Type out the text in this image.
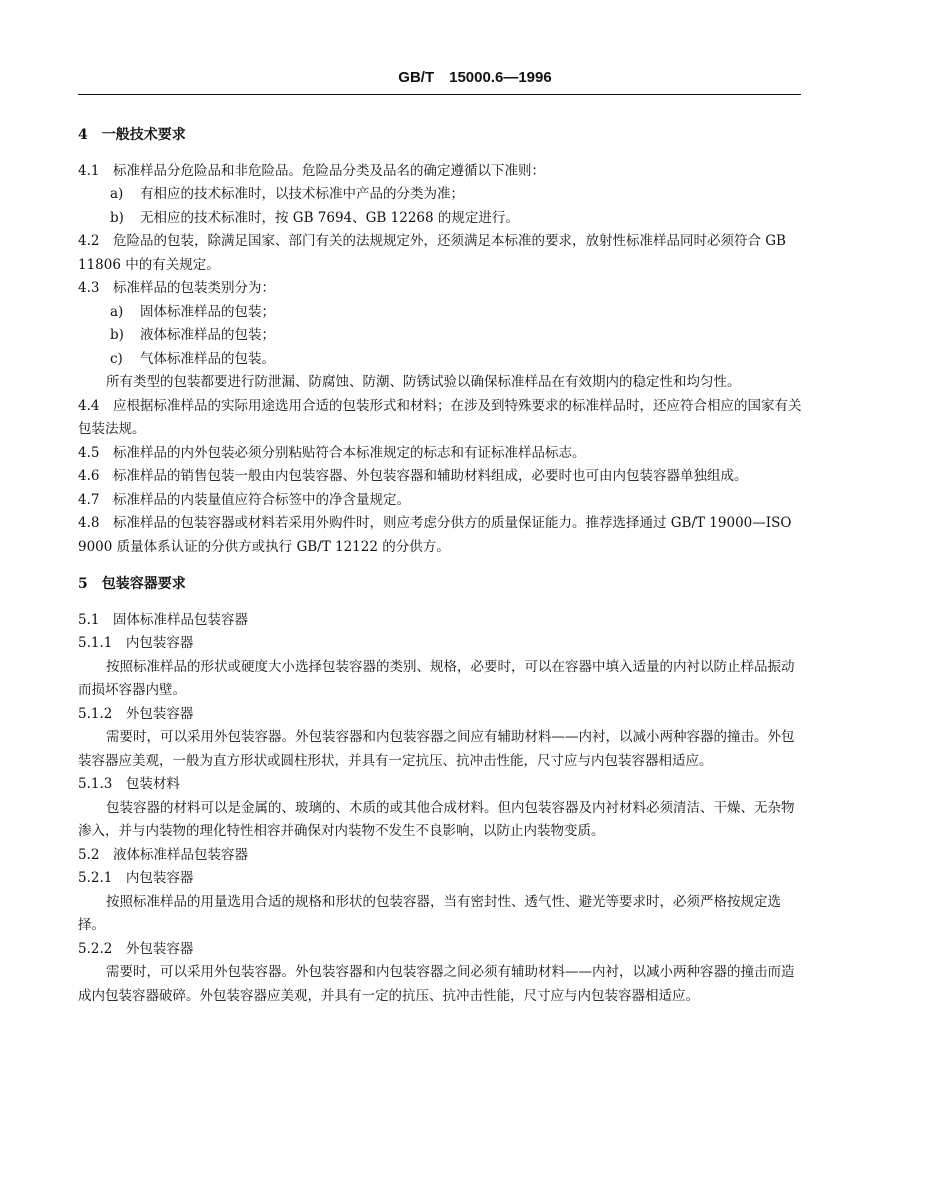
GB/T　15000.6—1996
4　一般技术要求

4.1　标准样品分危险品和非危险品。危险品分类及品名的确定遵循以下准则：

a) 有相应的技术标准时，以技术标准中产品的分类为准；

b) 无相应的技术标准时，按 GB 7694、GB 12268 的规定进行。

4.2　危险品的包装，除满足国家、部门有关的法规规定外，还须满足本标准的要求，放射性标准样品同时必须符合 GB 11806 中的有关规定。

4.3　标准样品的包装类别分为：

a) 固体标准样品的包装；

b) 液体标准样品的包装；

c) 气体标准样品的包装。

所有类型的包装都要进行防泄漏、防腐蚀、防潮、防锈试验以确保标准样品在有效期内的稳定性和均匀性。

4.4　应根据标准样品的实际用途选用合适的包装形式和材料；在涉及到特殊要求的标准样品时，还应符合相应的国家有关包装法规。

4.5　标准样品的内外包装必须分别粘贴符合本标准规定的标志和有证标准样品标志。

4.6　标准样品的销售包装一般由内包装容器、外包装容器和辅助材料组成，必要时也可由内包装容器单独组成。

4.7　标准样品的内装量值应符合标签中的净含量规定。

4.8　标准样品的包装容器或材料若采用外购件时，则应考虑分供方的质量保证能力。推荐选择通过 GB/T 19000—ISO 9000 质量体系认证的分供方或执行 GB/T 12122 的分供方。

5　包装容器要求

5.1　固体标准样品包装容器

5.1.1　内包装容器

按照标准样品的形状或硬度大小选择包装容器的类别、规格，必要时，可以在容器中填入适量的内衬以防止样品振动而损坏容器内壁。

5.1.2　外包装容器

需要时，可以采用外包装容器。外包装容器和内包装容器之间应有辅助材料——内衬，以减小两种容器的撞击。外包装容器应美观，一般为直方形状或圆柱形状，并具有一定抗压、抗冲击性能，尺寸应与内包装容器相适应。

5.1.3　包装材料

包装容器的材料可以是金属的、玻璃的、木质的或其他合成材料。但内包装容器及内衬材料必须清洁、干燥、无杂物渗入，并与内装物的理化特性相容并确保对内装物不发生不良影响，以防止内装物变质。

5.2　液体标准样品包装容器

5.2.1　内包装容器

按照标准样品的用量选用合适的规格和形状的包装容器，当有密封性、透气性、避光等要求时，必须严格按规定选择。

5.2.2　外包装容器

需要时，可以采用外包装容器。外包装容器和内包装容器之间必须有辅助材料——内衬，以减小两种容器的撞击而造成内包装容器破碎。外包装容器应美观，并具有一定的抗压、抗冲击性能，尺寸应与内包装容器相适应。
